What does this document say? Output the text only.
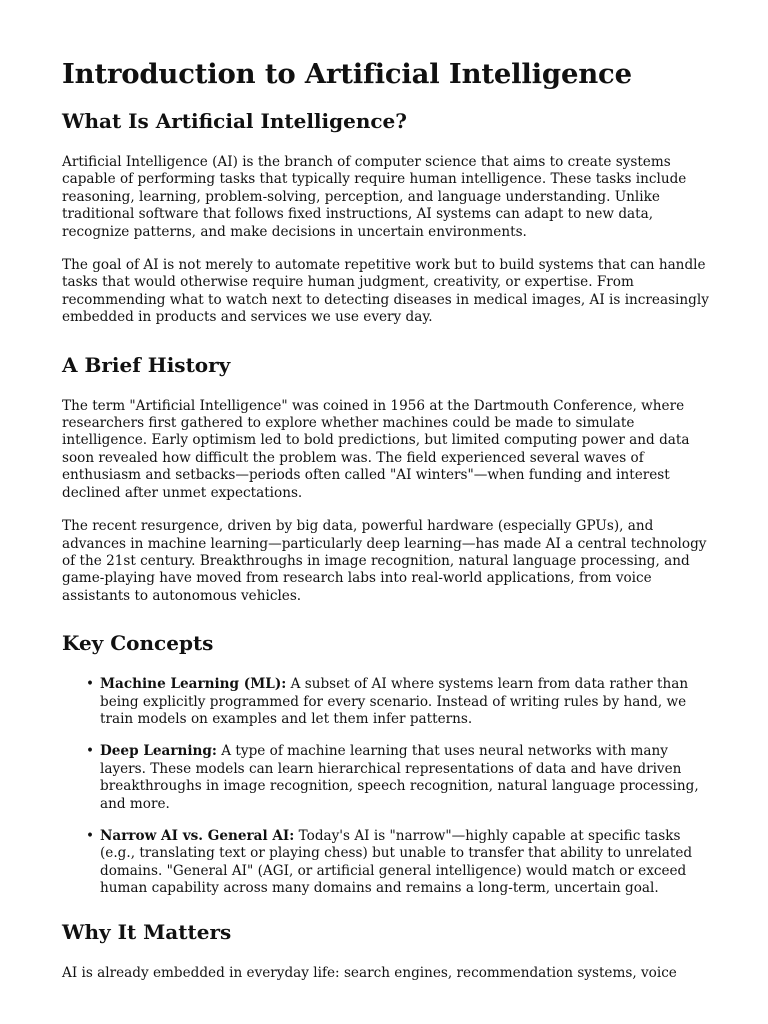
Introduction to Artificial Intelligence
What Is Artificial Intelligence?

Artificial Intelligence (AI) is the branch of computer science that aims to create systems capable of performing tasks that typically require human intelligence. These tasks include reasoning, learning, problem-solving, perception, and language understanding. Unlike traditional software that follows fixed instructions, AI systems can adapt to new data, recognize patterns, and make decisions in uncertain environments.

The goal of AI is not merely to automate repetitive work but to build systems that can handle tasks that would otherwise require human judgment, creativity, or expertise. From recommending what to watch next to detecting diseases in medical images, AI is increasingly embedded in products and services we use every day.

A Brief History

The term "Artificial Intelligence" was coined in 1956 at the Dartmouth Conference, where researchers first gathered to explore whether machines could be made to simulate intelligence. Early optimism led to bold predictions, but limited computing power and data soon revealed how difficult the problem was. The field experienced several waves of enthusiasm and setbacks—periods often called "AI winters"—when funding and interest declined after unmet expectations.

The recent resurgence, driven by big data, powerful hardware (especially GPUs), and advances in machine learning—particularly deep learning—has made AI a central technology of the 21st century. Breakthroughs in image recognition, natural language processing, and game-playing have moved from research labs into real-world applications, from voice assistants to autonomous vehicles.

Key Concepts
• Machine Learning (ML): A subset of AI where systems learn from data rather than being explicitly programmed for every scenario. Instead of writing rules by hand, we train models on examples and let them infer patterns.
• Deep Learning: A type of machine learning that uses neural networks with many layers. These models can learn hierarchical representations of data and have driven breakthroughs in image recognition, speech recognition, natural language processing, and more.
• Narrow AI vs. General AI: Today's AI is "narrow"—highly capable at specific tasks (e.g., translating text or playing chess) but unable to transfer that ability to unrelated domains. "General AI" (AGI, or artificial general intelligence) would match or exceed human capability across many domains and remains a long-term, uncertain goal.
Why It Matters

AI is already embedded in everyday life: search engines, recommendation systems, voice
